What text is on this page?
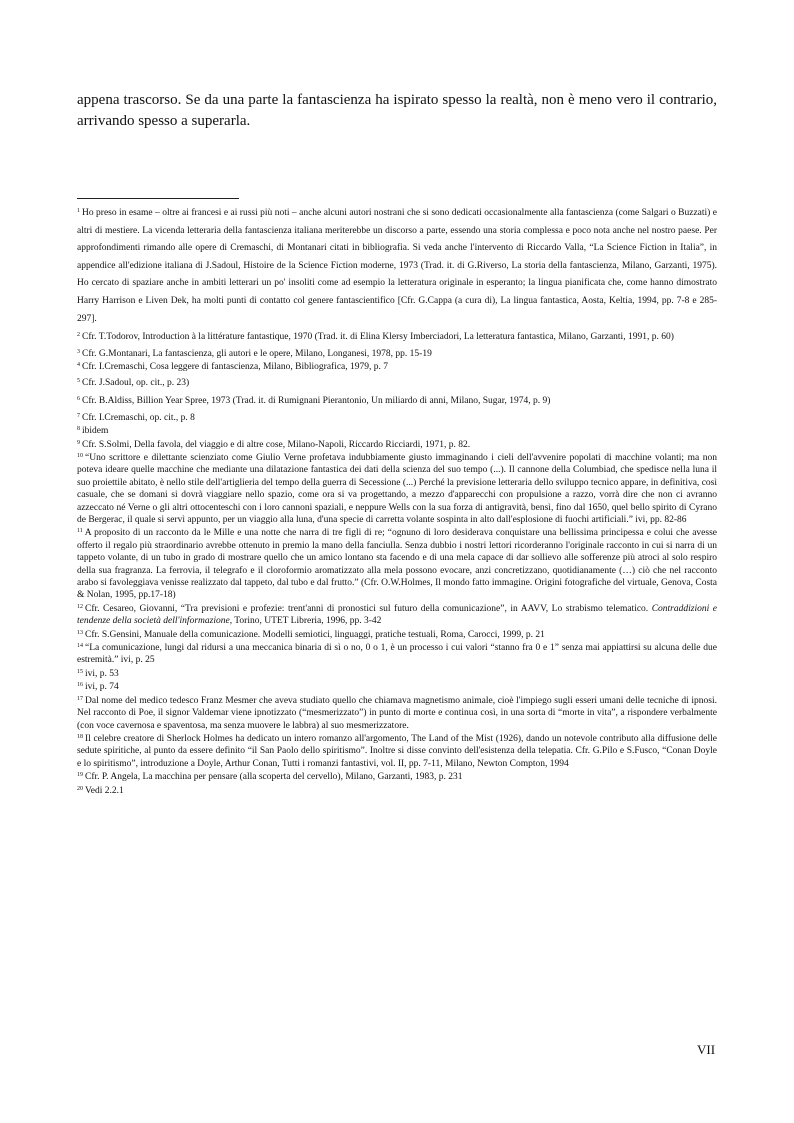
appena trascorso. Se da una parte la fantascienza ha ispirato spesso la realtà, non è meno vero il contrario, arrivando spesso a superarla.

$^1$ Ho preso in esame – oltre ai francesi e ai russi più noti – anche alcuni autori nostrani che si sono dedicati occasionalmente alla fantascienza (come Salgari o Buzzati) e altri di mestiere. La vicenda letteraria della fantascienza italiana meriterebbe un discorso a parte, essendo una storia complessa e poco nota anche nel nostro paese. Per approfondimenti rimando alle opere di Cremaschi, di Montanari citati in bibliografia. Si veda anche l'intervento di Riccardo Valla, “La Science Fiction in Italia”, in appendice all'edizione italiana di J.Sadoul, Histoire de la Science Fiction moderne, 1973 (Trad. it. di G.Riverso, La storia della fantascienza, Milano, Garzanti, 1975). Ho cercato di spaziare anche in ambiti letterari un po' insoliti come ad esempio la letteratura originale in esperanto; la lingua pianificata che, come hanno dimostrato Harry Harrison e Liven Dek, ha molti punti di contatto col genere fantascientifico [Cfr. G.Cappa (a cura di), La lingua fantastica, Aosta, Keltia, 1994, pp. 7-8 e 285-297].

$^2$ Cfr. T.Todorov, Introduction à la littérature fantastique, 1970 (Trad. it. di Elina Klersy Imberciadori, La letteratura fantastica, Milano, Garzanti, 1991, p. 60)

$^3$ Cfr. G.Montanari, La fantascienza, gli autori e le opere, Milano, Longanesi, 1978, pp. 15-19

$^4$ Cfr. I.Cremaschi, Cosa leggere di fantascienza, Milano, Bibliografica, 1979, p. 7

$^5$ Cfr. J.Sadoul, op. cit., p. 23)

$^6$ Cfr. B.Aldiss, Billion Year Spree, 1973 (Trad. it. di Rumignani Pierantonio, Un miliardo di anni, Milano, Sugar, 1974, p. 9)

$^7$ Cfr. I.Cremaschi, op. cit., p. 8

$^8$ ibidem

$^9$ Cfr. S.Solmi, Della favola, del viaggio e di altre cose, Milano-Napoli, Riccardo Ricciardi, 1971, p. 82.

$^{10}$ “Uno scrittore e dilettante scienziato come Giulio Verne profetava indubbiamente giusto immaginando i cieli dell'avvenire popolati di macchine volanti; ma non poteva ideare quelle macchine che mediante una dilatazione fantastica dei dati della scienza del suo tempo (...). Il cannone della Columbiad, che spedisce nella luna il suo proiettile abitato, è nello stile dell'artiglieria del tempo della guerra di Secessione (...) Perché la previsione letteraria dello sviluppo tecnico appare, in definitiva, così casuale, che se domani si dovrà viaggiare nello spazio, come ora si va progettando, a mezzo d'apparecchi con propulsione a razzo, vorrà dire che non ci avranno azzeccato né Verne o gli altri ottocenteschi con i loro cannoni spaziali, e neppure Wells con la sua forza di antigravità, bensì, fino dal 1650, quel bello spirito di Cyrano de Bergerac, il quale si servì appunto, per un viaggio alla luna, d'una specie di carretta volante sospinta in alto dall'esplosione di fuochi artificiali.” ivi, pp. 82-86

$^{11}$ A proposito di un racconto da le Mille e una notte che narra di tre figli di re; “ognuno di loro desiderava conquistare una bellissima principessa e colui che avesse offerto il regalo più straordinario avrebbe ottenuto in premio la mano della fanciulla. Senza dubbio i nostri lettori ricorderanno l'originale racconto in cui si narra di un tappeto volante, di un tubo in grado di mostrare quello che un amico lontano sta facendo e di una mela capace di dar sollievo alle sofferenze più atroci al solo respiro della sua fragranza. La ferrovia, il telegrafo e il cloroformio aromatizzato alla mela possono evocare, anzi concretizzano, quotidianamente (…) ciò che nel racconto arabo si favoleggiava venisse realizzato dal tappeto, dal tubo e dal frutto.” (Cfr. O.W.Holmes, Il mondo fatto immagine. Origini fotografiche del virtuale, Genova, Costa & Nolan, 1995, pp.17-18)

$^{12}$ Cfr. Cesareo, Giovanni, “Tra previsioni e profezie: trent'anni di pronostici sul futuro della comunicazione”, in AAVV, Lo strabismo telematico. Contraddizioni e tendenze della società dell'informazione, Torino, UTET Libreria, 1996, pp. 3-42

$^{13}$ Cfr. S.Gensini, Manuale della comunicazione. Modelli semiotici, linguaggi, pratiche testuali, Roma, Carocci, 1999, p. 21

$^{14}$ “La comunicazione, lungi dal ridursi a una meccanica binaria di sì o no, 0 o 1, è un processo i cui valori “stanno fra 0 e 1” senza mai appiattirsi su alcuna delle due estremità.” ivi, p. 25

$^{15}$ ivi, p. 53

$^{16}$ ivi, p. 74

$^{17}$ Dal nome del medico tedesco Franz Mesmer che aveva studiato quello che chiamava magnetismo animale, cioè l'impiego sugli esseri umani delle tecniche di ipnosi. Nel racconto di Poe, il signor Valdemar viene ipnotizzato (“mesmerizzato”) in punto di morte e continua così, in una sorta di “morte in vita”, a rispondere verbalmente (con voce cavernosa e spaventosa, ma senza muovere le labbra) al suo mesmerizzatore.

$^{18}$ Il celebre creatore di Sherlock Holmes ha dedicato un intero romanzo all'argomento, The Land of the Mist (1926), dando un notevole contributo alla diffusione delle sedute spiritiche, al punto da essere definito “il San Paolo dello spiritismo”. Inoltre si disse convinto dell'esistenza della telepatia. Cfr. G.Pilo e S.Fusco, “Conan Doyle e lo spiritismo”, introduzione a Doyle, Arthur Conan, Tutti i romanzi fantastivi, vol. II, pp. 7-11, Milano, Newton Compton, 1994

$^{19}$ Cfr. P. Angela, La macchina per pensare (alla scoperta del cervello), Milano, Garzanti, 1983, p. 231

$^{20}$ Vedi 2.2.1

VII
